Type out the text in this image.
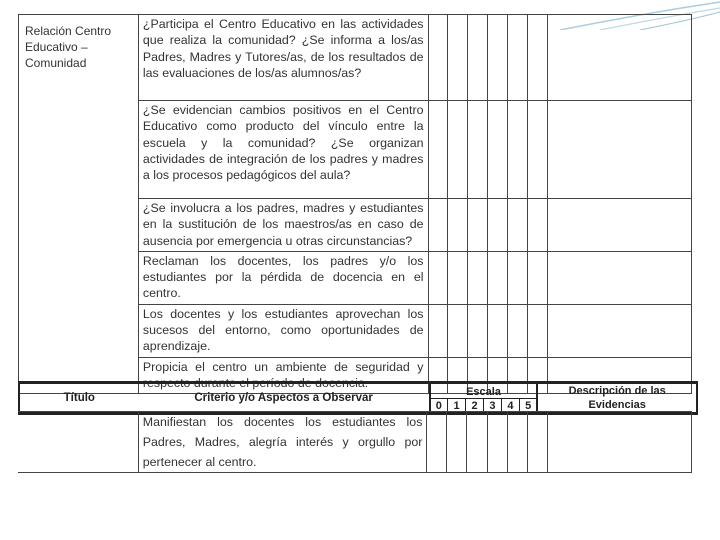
Relación Centro Educativo – Comunidad	¿Participa el Centro Educativo en las actividades que realiza la comunidad? ¿Se informa a los/as Padres, Madres y Tutores/as, de los resultados de las evaluaciones de los/as alumnos/as?							
	¿Se evidencian cambios positivos en el Centro Educativo como producto del vínculo entre la escuela y la comunidad? ¿Se organizan actividades de integración de los padres y madres a los procesos pedagógicos del aula?							
	¿Se involucra a los padres, madres y estudiantes en la sustitución de los maestros/as en caso de ausencia por emergencia u otras circunstancias?							
	Reclaman los docentes, los padres y/o los estudiantes por la pérdida de docencia en el centro.							
	Los docentes y los estudiantes aprovechan los sucesos del entorno, como oportunidades de aprendizaje.							
	Propicia el centro un ambiente de seguridad y respecto durante el período de docencia.							
Título	Criterio y/o Aspectos a Observar	Escala						Descripción de las Evidencias
		0	1	2	3	4	5	
	Manifiestan los docentes los estudiantes los Padres, Madres, alegría interés y orgullo por pertenecer al centro.							
